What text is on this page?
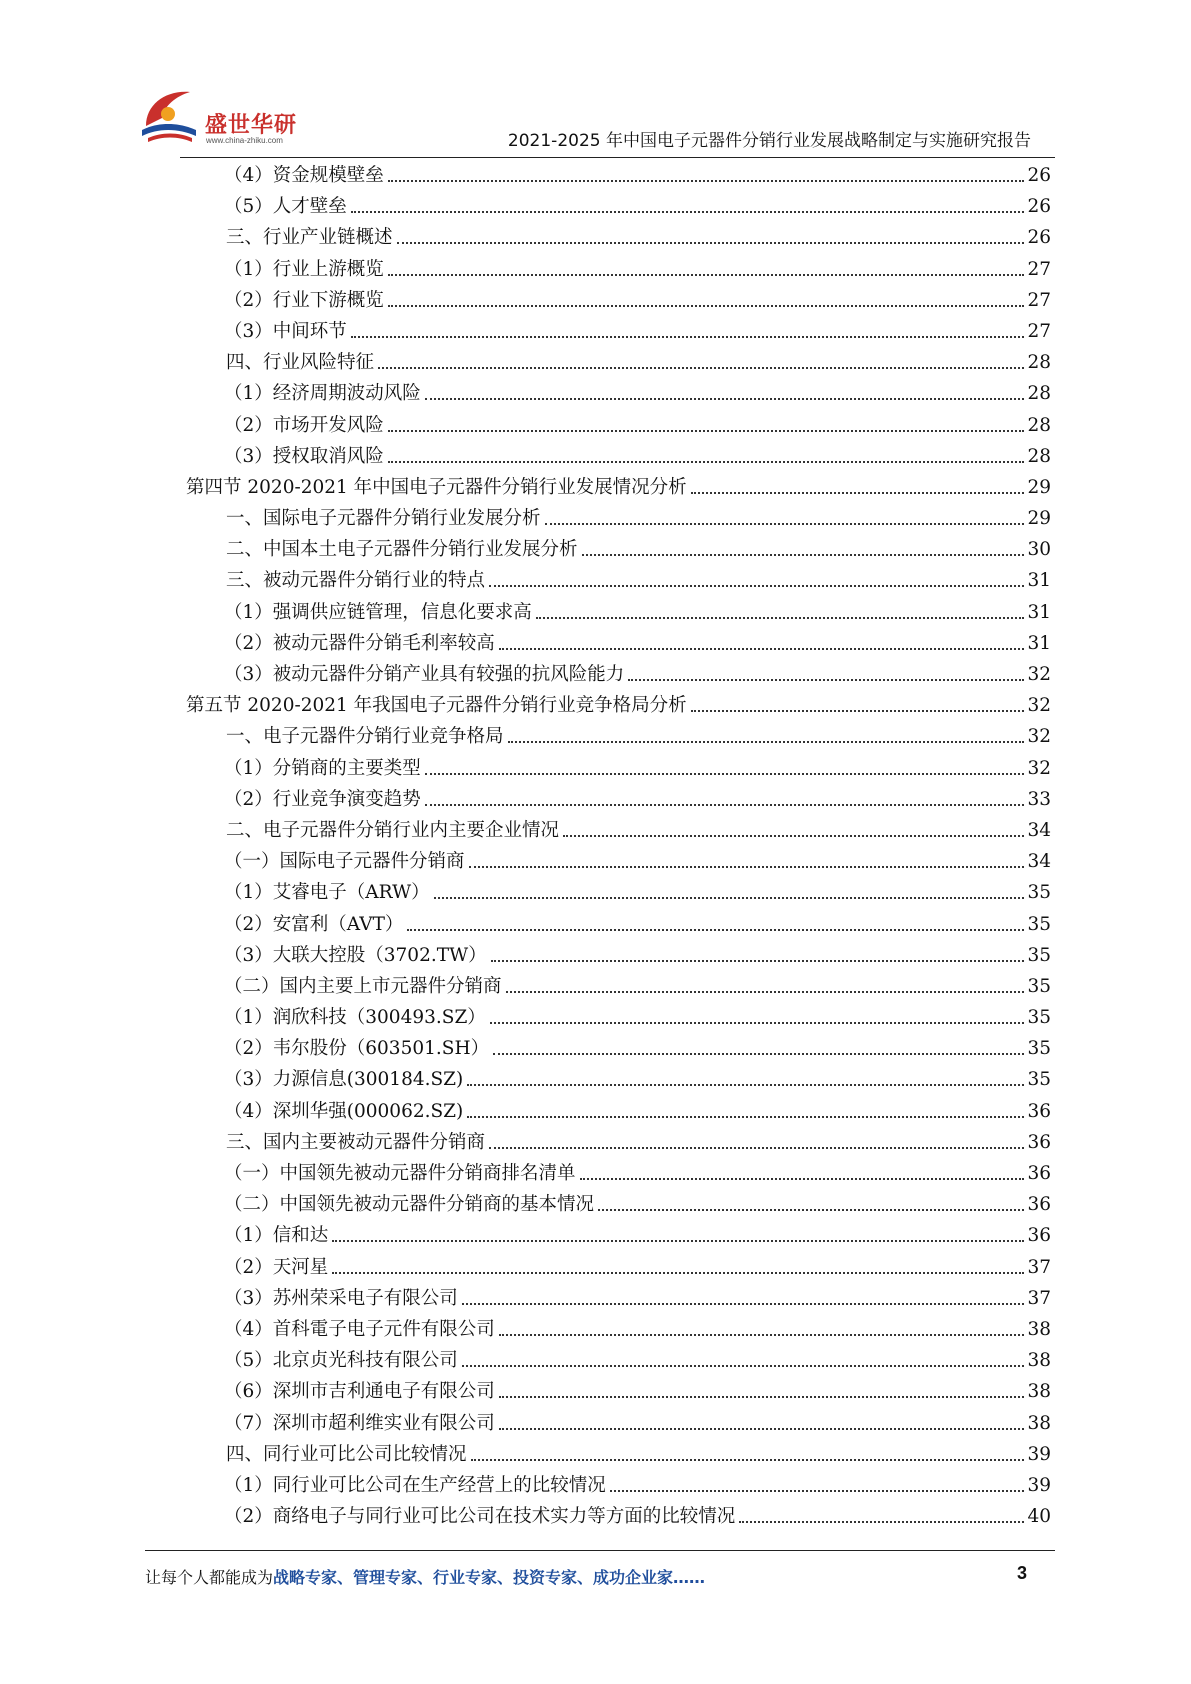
盛世华研
www.china-zhiku.com	2021-2025 年中国电子元器件分销行业发展战略制定与实施研究报告
（4）资金规模壁垒	26
（5）人才壁垒	26
三、行业产业链概述	26
（1）行业上游概览	27
（2）行业下游概览	27
（3）中间环节	27
四、行业风险特征	28
（1）经济周期波动风险	28
（2）市场开发风险	28
（3）授权取消风险	28
第四节 2020-2021 年中国电子元器件分销行业发展情况分析	29
一、国际电子元器件分销行业发展分析	29
二、中国本土电子元器件分销行业发展分析	30
三、被动元器件分销行业的特点	31
（1）强调供应链管理，信息化要求高	31
（2）被动元器件分销毛利率较高	31
（3）被动元器件分销产业具有较强的抗风险能力	32
第五节 2020-2021 年我国电子元器件分销行业竞争格局分析	32
一、电子元器件分销行业竞争格局	32
（1）分销商的主要类型	32
（2）行业竞争演变趋势	33
二、电子元器件分销行业内主要企业情况	34
（一）国际电子元器件分销商	34
（1）艾睿电子（ARW）	35
（2）安富利（AVT）	35
（3）大联大控股（3702.TW）	35
（二）国内主要上市元器件分销商	35
（1）润欣科技（300493.SZ）	35
（2）韦尔股份（603501.SH）	35
（3）力源信息(300184.SZ)	35
（4）深圳华强(000062.SZ)	36
三、国内主要被动元器件分销商	36
（一）中国领先被动元器件分销商排名清单	36
（二）中国领先被动元器件分销商的基本情况	36
（1）信和达	36
（2）天河星	37
（3）苏州荣采电子有限公司	37
（4）首科電子电子元件有限公司	38
（5）北京贞光科技有限公司	38
（6）深圳市吉利通电子有限公司	38
（7）深圳市超利维实业有限公司	38
四、同行业可比公司比较情况	39
（1）同行业可比公司在生产经营上的比较情况	39
（2）商络电子与同行业可比公司在技术实力等方面的比较情况	40
让每个人都能成为战略专家、管理专家、行业专家、投资专家、成功企业家……	3
